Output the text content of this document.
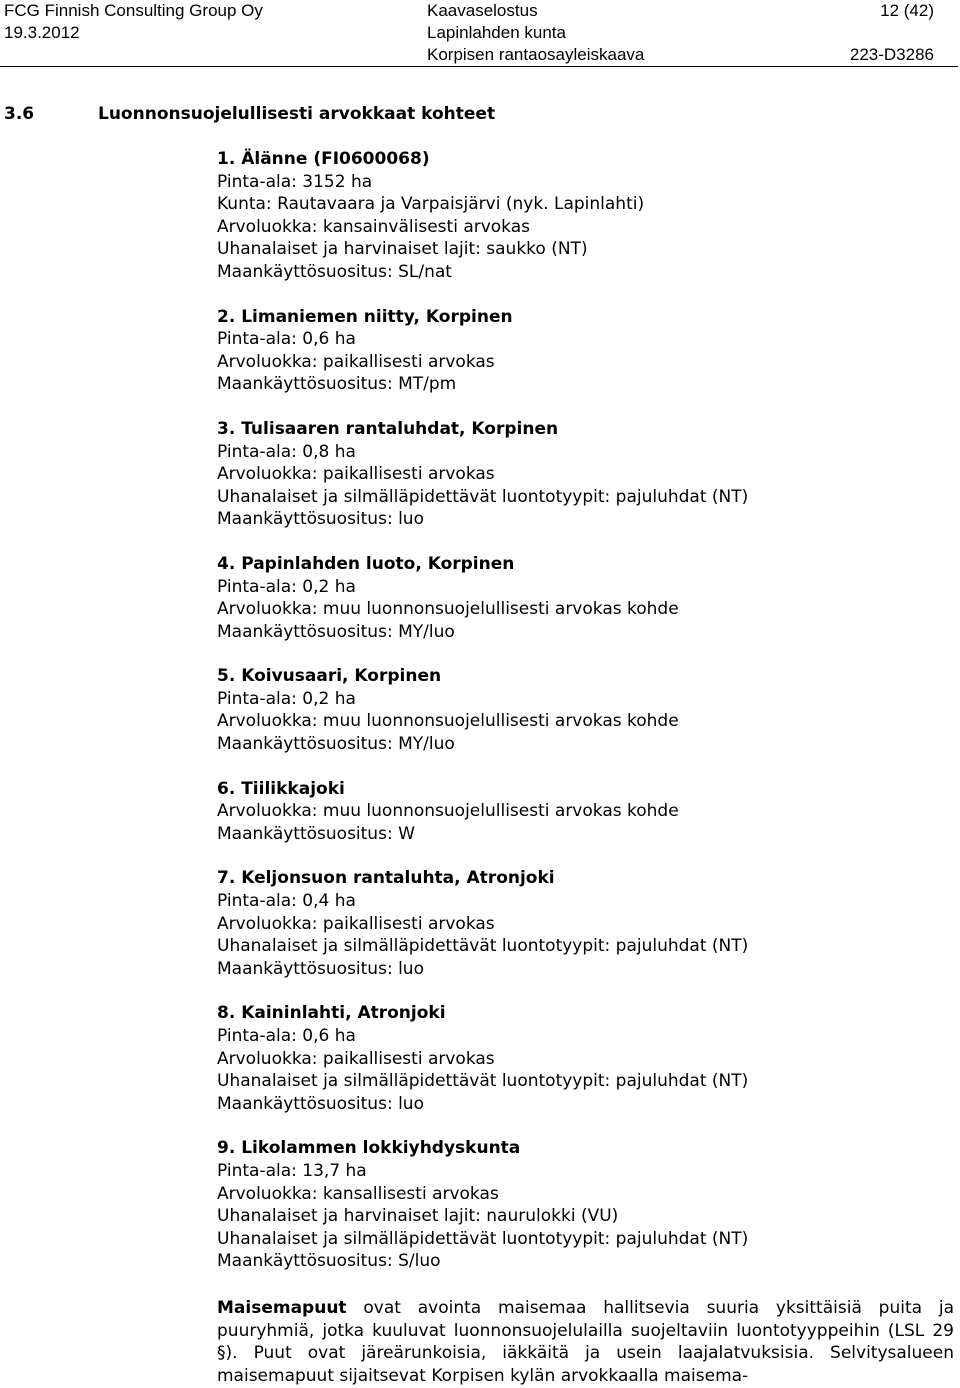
FCG Finnish Consulting Group Oy
19.3.2012
Kaavaselostus
Lapinlahden kunta
Korpisen rantaosayleiskaava
12 (42)

223-D3286
3.6	Luonnonsuojelullisesti arvokkaat kohteet
1. Älänne (FI0600068)
Pinta-ala: 3152 ha
Kunta: Rautavaara ja Varpaisjärvi (nyk. Lapinlahti)
Arvoluokka: kansainvälisesti arvokas
Uhanalaiset ja harvinaiset lajit: saukko (NT)
Maankäyttösuositus: SL/nat
2. Limaniemen niitty, Korpinen
Pinta-ala: 0,6 ha
Arvoluokka: paikallisesti arvokas
Maankäyttösuositus: MT/pm
3. Tulisaaren rantaluhdat, Korpinen
Pinta-ala: 0,8 ha
Arvoluokka: paikallisesti arvokas
Uhanalaiset ja silmälläpidettävät luontotyypit: pajuluhdat (NT)
Maankäyttösuositus: luo
4. Papinlahden luoto, Korpinen
Pinta-ala: 0,2 ha
Arvoluokka: muu luonnonsuojelullisesti arvokas kohde
Maankäyttösuositus: MY/luo
5. Koivusaari, Korpinen
Pinta-ala: 0,2 ha
Arvoluokka: muu luonnonsuojelullisesti arvokas kohde
Maankäyttösuositus: MY/luo
6. Tiilikkajoki
Arvoluokka: muu luonnonsuojelullisesti arvokas kohde
Maankäyttösuositus: W
7. Keljonsuon rantaluhta, Atronjoki
Pinta-ala: 0,4 ha
Arvoluokka: paikallisesti arvokas
Uhanalaiset ja silmälläpidettävät luontotyypit: pajuluhdat (NT)
Maankäyttösuositus: luo
8. Kaininlahti, Atronjoki
Pinta-ala: 0,6 ha
Arvoluokka: paikallisesti arvokas
Uhanalaiset ja silmälläpidettävät luontotyypit: pajuluhdat (NT)
Maankäyttösuositus: luo
9. Likolammen lokkiyhdyskunta
Pinta-ala: 13,7 ha
Arvoluokka: kansallisesti arvokas
Uhanalaiset ja harvinaiset lajit: naurulokki (VU)
Uhanalaiset ja silmälläpidettävät luontotyypit: pajuluhdat (NT)
Maankäyttösuositus: S/luo
Maisemapuut ovat avointa maisemaa hallitsevia suuria yksittäisiä puita ja puuryhmiä, jotka kuuluvat luonnonsuojelulailla suojeltaviin luontotyyppeihin (LSL 29 §). Puut ovat järeärunkoisia, iäkkäitä ja usein laajalatvuksisia. Selvitysalueen maisemapuut sijaitsevat Korpisen kylän arvokkaalla maisema-
